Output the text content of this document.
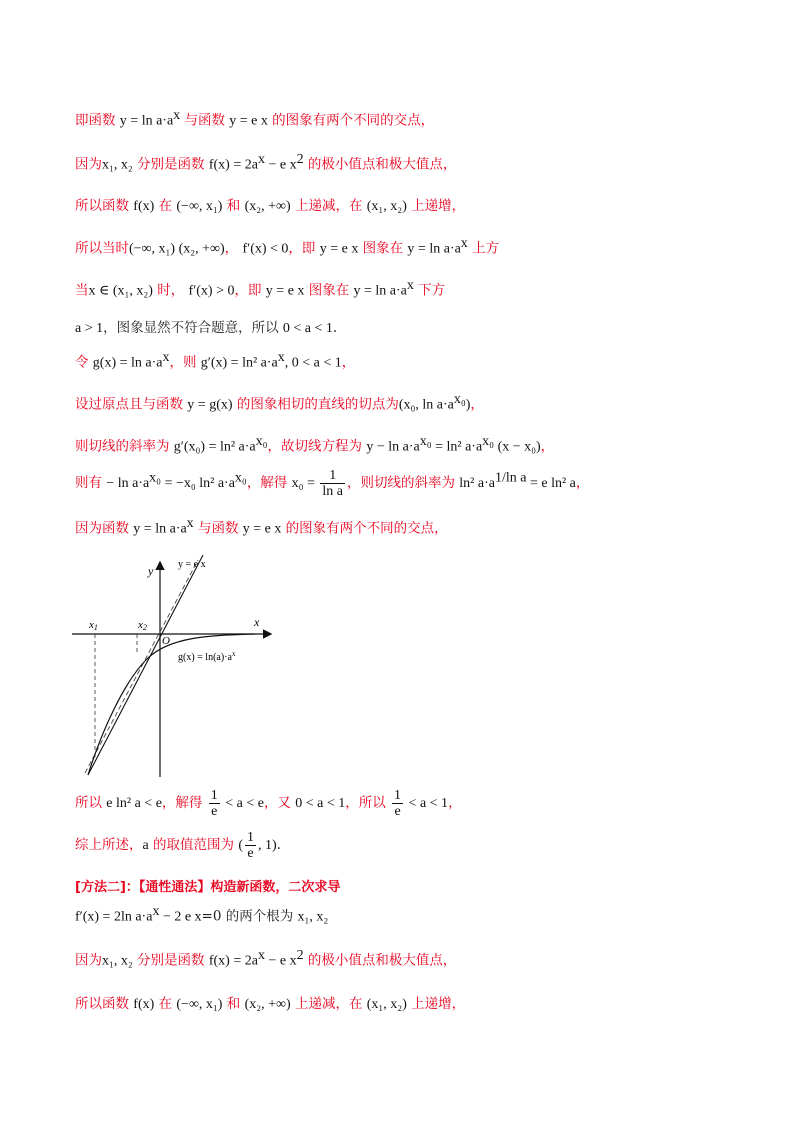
即函数 $y = \ln a\cdot a^x$ 与函数 y = e x 的图象有两个不同的交点，
因为x₁, x₂ 分别是函数 $f(x) = 2a^x - e$ $x^2$ 的极小值点和极大值点，
所以函数 f(x) 在 (−∞, x₁) 和 (x₂, +∞) 上递减，在 (x₁, x₂) 上递增，
所以当时(−∞, x₁) (x₂, +∞)， f′(x) < 0，即 y = e x 图象在 $y = \ln a\cdot a^x$ 上方
当x ∈ (x₁, x₂) 时， f′(x) > 0，即 y = e x 图象在 $y = \ln a\cdot a^x$ 下方
a > 1，图象显然不符合题意，所以 0 < a < 1.
令 $g(x) = \ln a\cdot a^x$，则 g′(x) = ln² $a\cdot a^x$, 0 < a < 1，
设过原点且与函数 y = g(x) 的图象相切的直线的切点为(x₀, $\ln a\cdot a^{x_0}$)，
则切线的斜率为 g′(x₀) = ln² $a\cdot a^{x_0}$，故切线方程为 $y - \ln a\cdot a^{x_0} = \ln^2$ $a\cdot a^{x_0}$ (x − x₀)，
则有 − $\ln a\cdot a^{x_0} = -x_0$ ln² $a\cdot a^{x_0}$，解得 $x_0 = \frac{1}{\text{ln a}}$ ，则切线的斜率为 ln² $a\cdot a^{1/ln a} = e$ ln² a，
因为函数 $y = \ln a\cdot a^x$ 与函数 y = e x 的图象有两个不同的交点，
y
x
O
x1	x2
y = e x
$g(x) = \ln(a)\cdot a^x$
所以 e ln² a < e，解得 $\frac{1}{e} < a < e$，又 0 < a < 1，所以 $\frac{1}{e} < a < 1$，
综上所述，a 的取值范围为 ( $\frac{1}{e}$ , 1).
[方法二]：【通性通法】构造新函数，二次求导
f′(x) = 2ln $a\cdot a^x - 2$ e x=0 的两个根为 x₁, x₂
因为x₁, x₂ 分别是函数 $f(x) = 2a^x - e$ $x^2$ 的极小值点和极大值点，
所以函数 f(x) 在 (−∞, x₁) 和 (x₂, +∞) 上递减，在 (x₁, x₂) 上递增，
